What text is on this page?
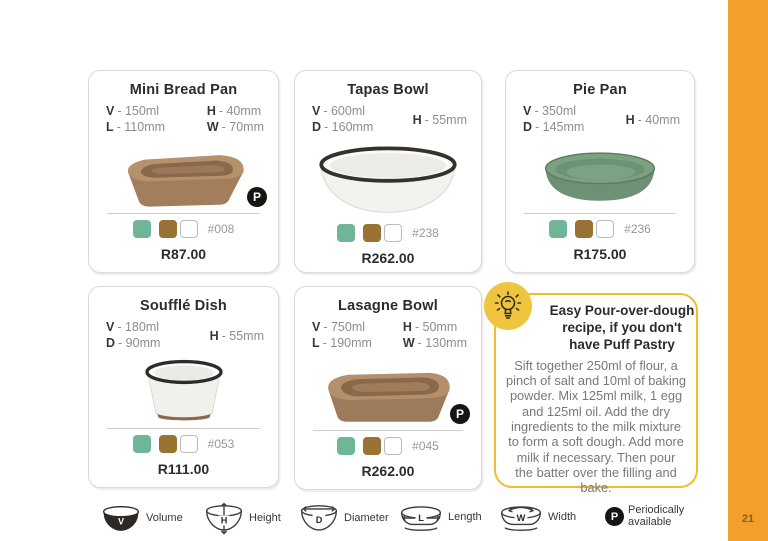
Mini Bread Pan
V - 150ml
L - 110mm
H - 40mm
W - 70mm
P
#008
R87.00
Tapas Bowl
V - 600ml
D - 160mm
H - 55mm
#238
R262.00
Pie Pan
V - 350ml
D - 145mm
H - 40mm
#236
R175.00
Soufflé Dish
V - 180ml
D - 90mm
H - 55mm
#053
R111.00
Lasagne Bowl
V - 750ml
L - 190mm
H - 50mm
W - 130mm
P
#045
R262.00
Easy Pour-over-dough recipe, if you don't have Puff Pastry
Sift together 250ml of flour, a pinch of salt and 10ml of baking powder. Mix 125ml milk, 1 egg and 125ml oil. Add the dry ingredients to the milk mixture to form a soft dough. Add more milk if necessary. Then pour the batter over the filling and bake.
V Volume	H Height	D Diameter	L Length	W Width	P
Periodically available	21
